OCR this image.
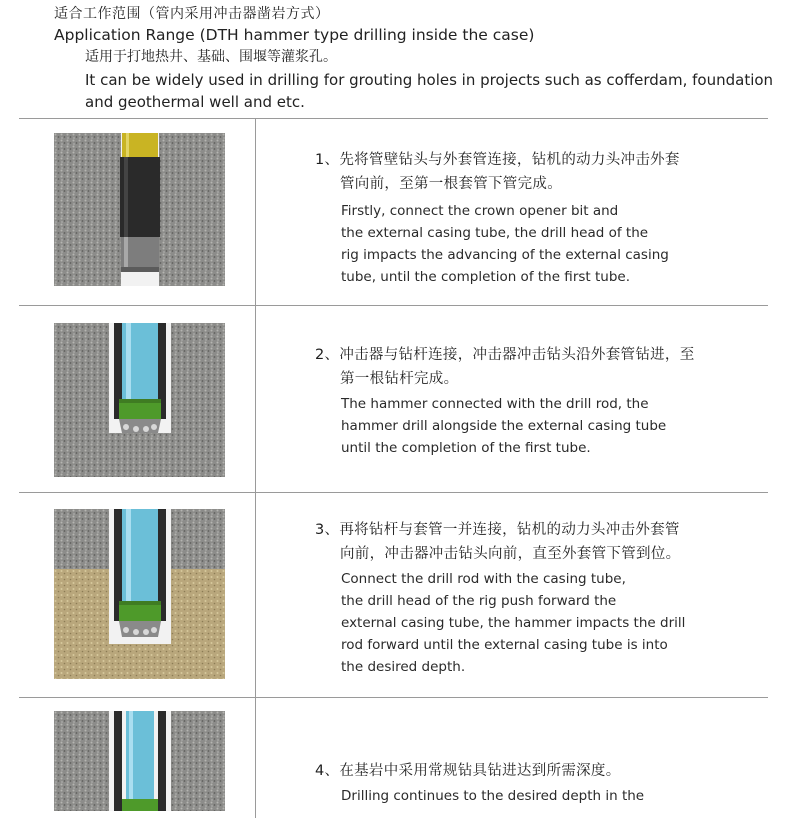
适合工作范围（管内采用冲击器凿岩方式）
Application Range (DTH hammer type drilling inside the case)
适用于打地热井、基础、围堰等灌浆孔。
It can be widely used in drilling for grouting holes in projects such as cofferdam, foundation and geothermal well and etc.
1、先将管壁钻头与外套管连接，钻机的动力头冲击外套
管向前，至第一根套管下管完成。
Firstly, connect the crown opener bit and
the external casing tube, the drill head of the
rig impacts the advancing of the external casing
tube, until the completion of the first tube.
2、冲击器与钻杆连接，冲击器冲击钻头沿外套管钻进，至
第一根钻杆完成。
The hammer connected with the drill rod, the
hammer drill alongside the external casing tube
until the completion of the first tube.
3、再将钻杆与套管一并连接，钻机的动力头冲击外套管
向前，冲击器冲击钻头向前，直至外套管下管到位。
Connect the drill rod with the casing tube,
the drill head of the rig push forward the
external casing tube, the hammer impacts the drill
rod forward until the external casing tube is into
the desired depth.
4、在基岩中采用常规钻具钻进达到所需深度。
Drilling continues to the desired depth in the
